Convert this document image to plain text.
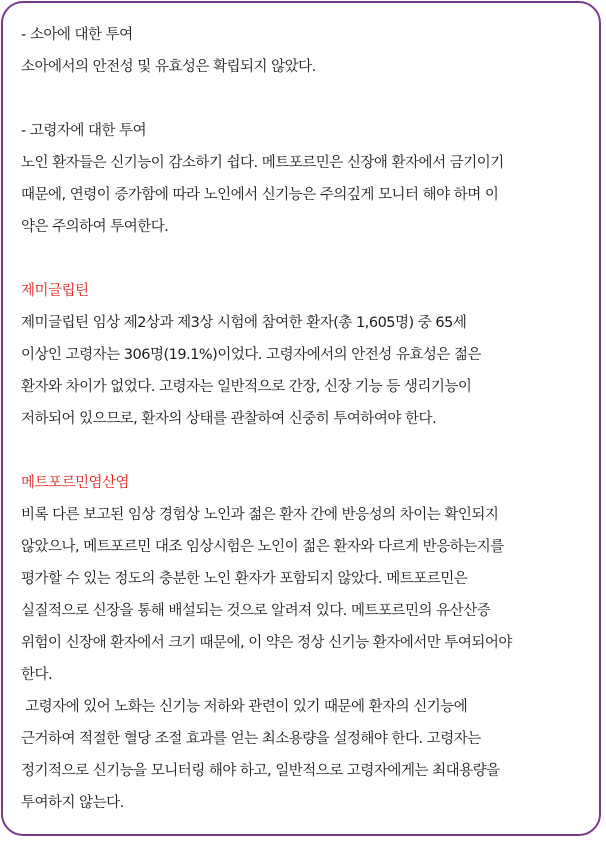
- 소아에 대한 투여
소아에서의 안전성 및 유효성은 확립되지 않았다.
- 고령자에 대한 투여
노인 환자들은 신기능이 감소하기 쉽다. 메트포르민은 신장애 환자에서 금기이기
때문에, 연령이 증가함에 따라 노인에서 신기능은 주의깊게 모니터 해야 하며 이
약은 주의하여 투여한다.
제미글립틴
제미글립틴 임상 제2상과 제3상 시험에 참여한 환자(총 1,605명) 중 65세
이상인 고령자는 306명(19.1%)이었다. 고령자에서의 안전성 유효성은 젊은
환자와 차이가 없었다. 고령자는 일반적으로 간장, 신장 기능 등 생리기능이
저하되어 있으므로, 환자의 상태를 관찰하여 신중히 투여하여야 한다.
메트포르민염산염
비록 다른 보고된 임상 경험상 노인과 젊은 환자 간에 반응성의 차이는 확인되지
않았으나, 메트포르민 대조 임상시험은 노인이 젊은 환자와 다르게 반응하는지를
평가할 수 있는 정도의 충분한 노인 환자가 포함되지 않았다. 메트포르민은
실질적으로 신장을 통해 배설되는 것으로 알려져 있다. 메트포르민의 유산산증
위험이 신장애 환자에서 크기 때문에, 이 약은 정상 신기능 환자에서만 투여되어야
한다.
고령자에 있어 노화는 신기능 저하와 관련이 있기 때문에 환자의 신기능에
근거하여 적절한 혈당 조절 효과를 얻는 최소용량을 설정해야 한다. 고령자는
정기적으로 신기능을 모니터링 해야 하고, 일반적으로 고령자에게는 최대용량을
투여하지 않는다.
